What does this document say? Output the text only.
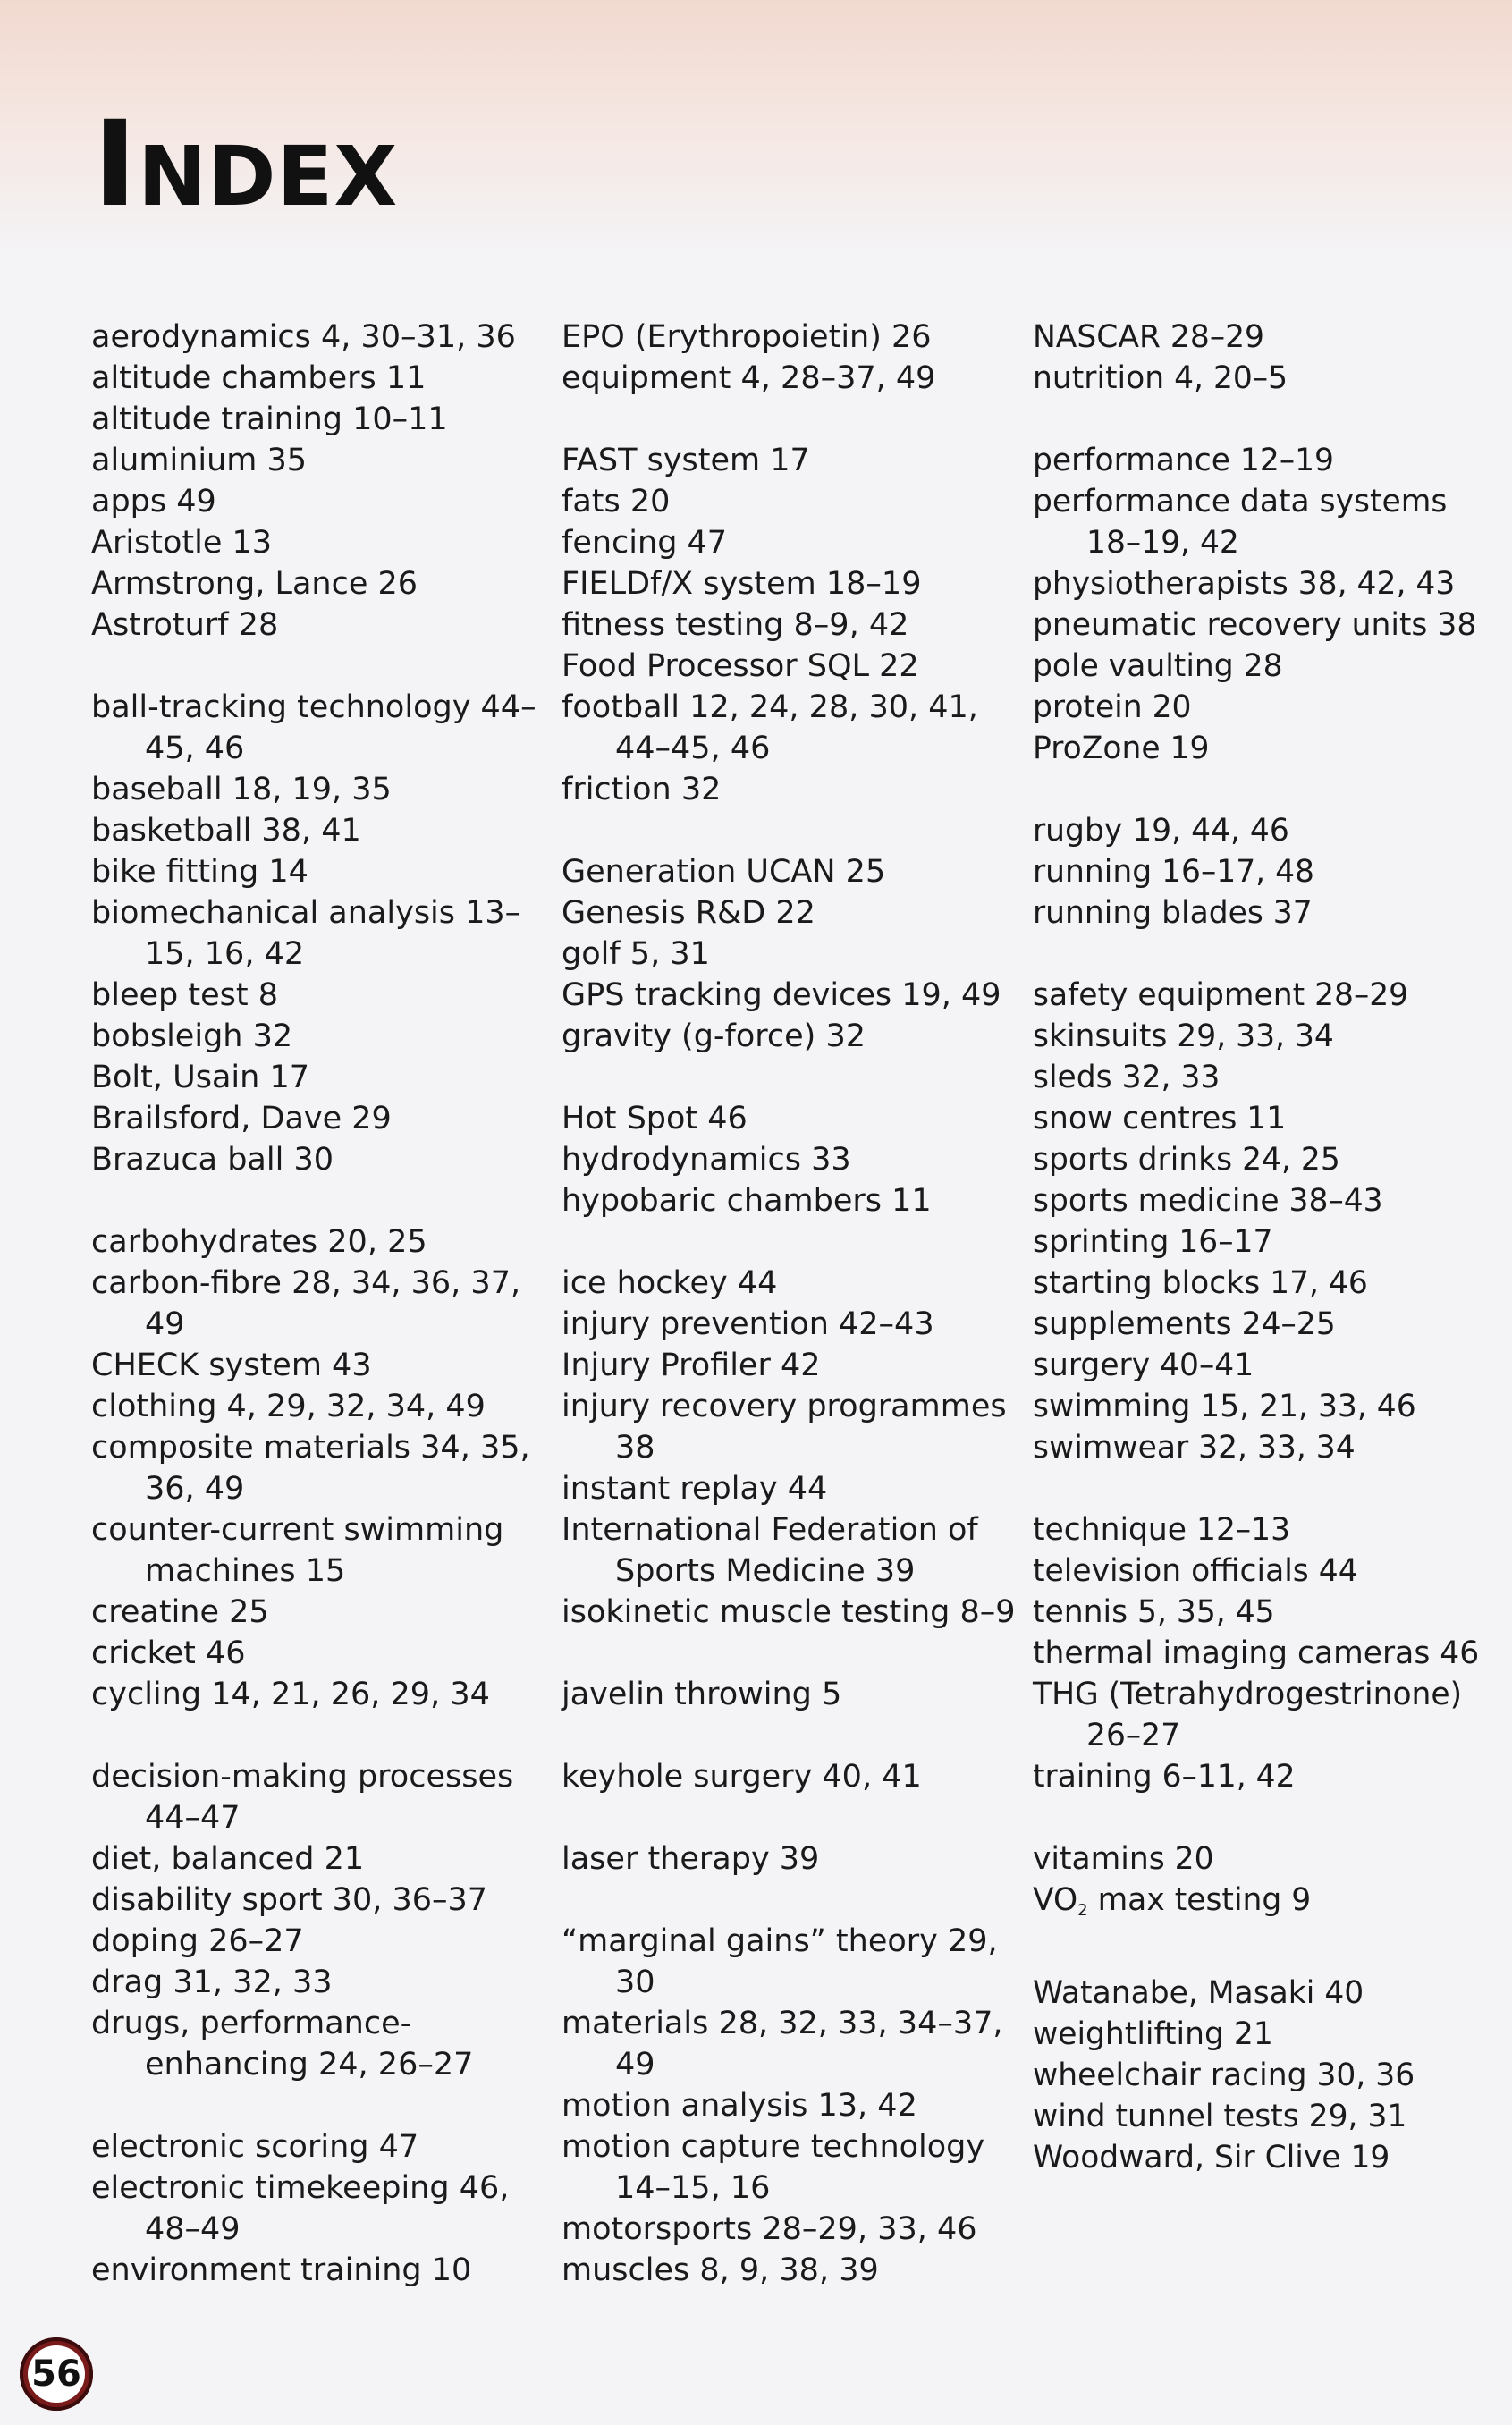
Index
aerodynamics 4, 30–31, 36
altitude chambers 11
altitude training 10–11
aluminium 35
apps 49
Aristotle 13
Armstrong, Lance 26
Astroturf 28
ball-tracking technology 44–45, 46
baseball 18, 19, 35
basketball 38, 41
bike fitting 14
biomechanical analysis 13–15, 16, 42
bleep test 8
bobsleigh 32
Bolt, Usain 17
Brailsford, Dave 29
Brazuca ball 30
carbohydrates 20, 25
carbon-fibre 28, 34, 36, 37, 49
CHECK system 43
clothing 4, 29, 32, 34, 49
composite materials 34, 35, 36, 49
counter-current swimming machines 15
creatine 25
cricket 46
cycling 14, 21, 26, 29, 34
decision-making processes 44–47
diet, balanced 21
disability sport 30, 36–37
doping 26–27
drag 31, 32, 33
drugs, performance-enhancing 24, 26–27
electronic scoring 47
electronic timekeeping 46, 48–49
environment training 10
EPO (Erythropoietin) 26
equipment 4, 28–37, 49
FAST system 17
fats 20
fencing 47
FIELDf/X system 18–19
fitness testing 8–9, 42
Food Processor SQL 22
football 12, 24, 28, 30, 41, 44–45, 46
friction 32
Generation UCAN 25
Genesis R&D 22
golf 5, 31
GPS tracking devices 19, 49
gravity (g-force) 32
Hot Spot 46
hydrodynamics 33
hypobaric chambers 11
ice hockey 44
injury prevention 42–43
Injury Profiler 42
injury recovery programmes 38
instant replay 44
International Federation of Sports Medicine 39
isokinetic muscle testing 8–9
javelin throwing 5
keyhole surgery 40, 41
laser therapy 39
“marginal gains” theory 29, 30
materials 28, 32, 33, 34–37, 49
motion analysis 13, 42
motion capture technology 14–15, 16
motorsports 28–29, 33, 46
muscles 8, 9, 38, 39
NASCAR 28–29
nutrition 4, 20–5
performance 12–19
performance data systems 18–19, 42
physiotherapists 38, 42, 43
pneumatic recovery units 38
pole vaulting 28
protein 20
ProZone 19
rugby 19, 44, 46
running 16–17, 48
running blades 37
safety equipment 28–29
skinsuits 29, 33, 34
sleds 32, 33
snow centres 11
sports drinks 24, 25
sports medicine 38–43
sprinting 16–17
starting blocks 17, 46
supplements 24–25
surgery 40–41
swimming 15, 21, 33, 46
swimwear 32, 33, 34
technique 12–13
television officials 44
tennis 5, 35, 45
thermal imaging cameras 46
THG (Tetrahydrogestrinone) 26–27
training 6–11, 42
vitamins 20
VO2 max testing 9
Watanabe, Masaki 40
weightlifting 21
wheelchair racing 30, 36
wind tunnel tests 29, 31
Woodward, Sir Clive 19
56
